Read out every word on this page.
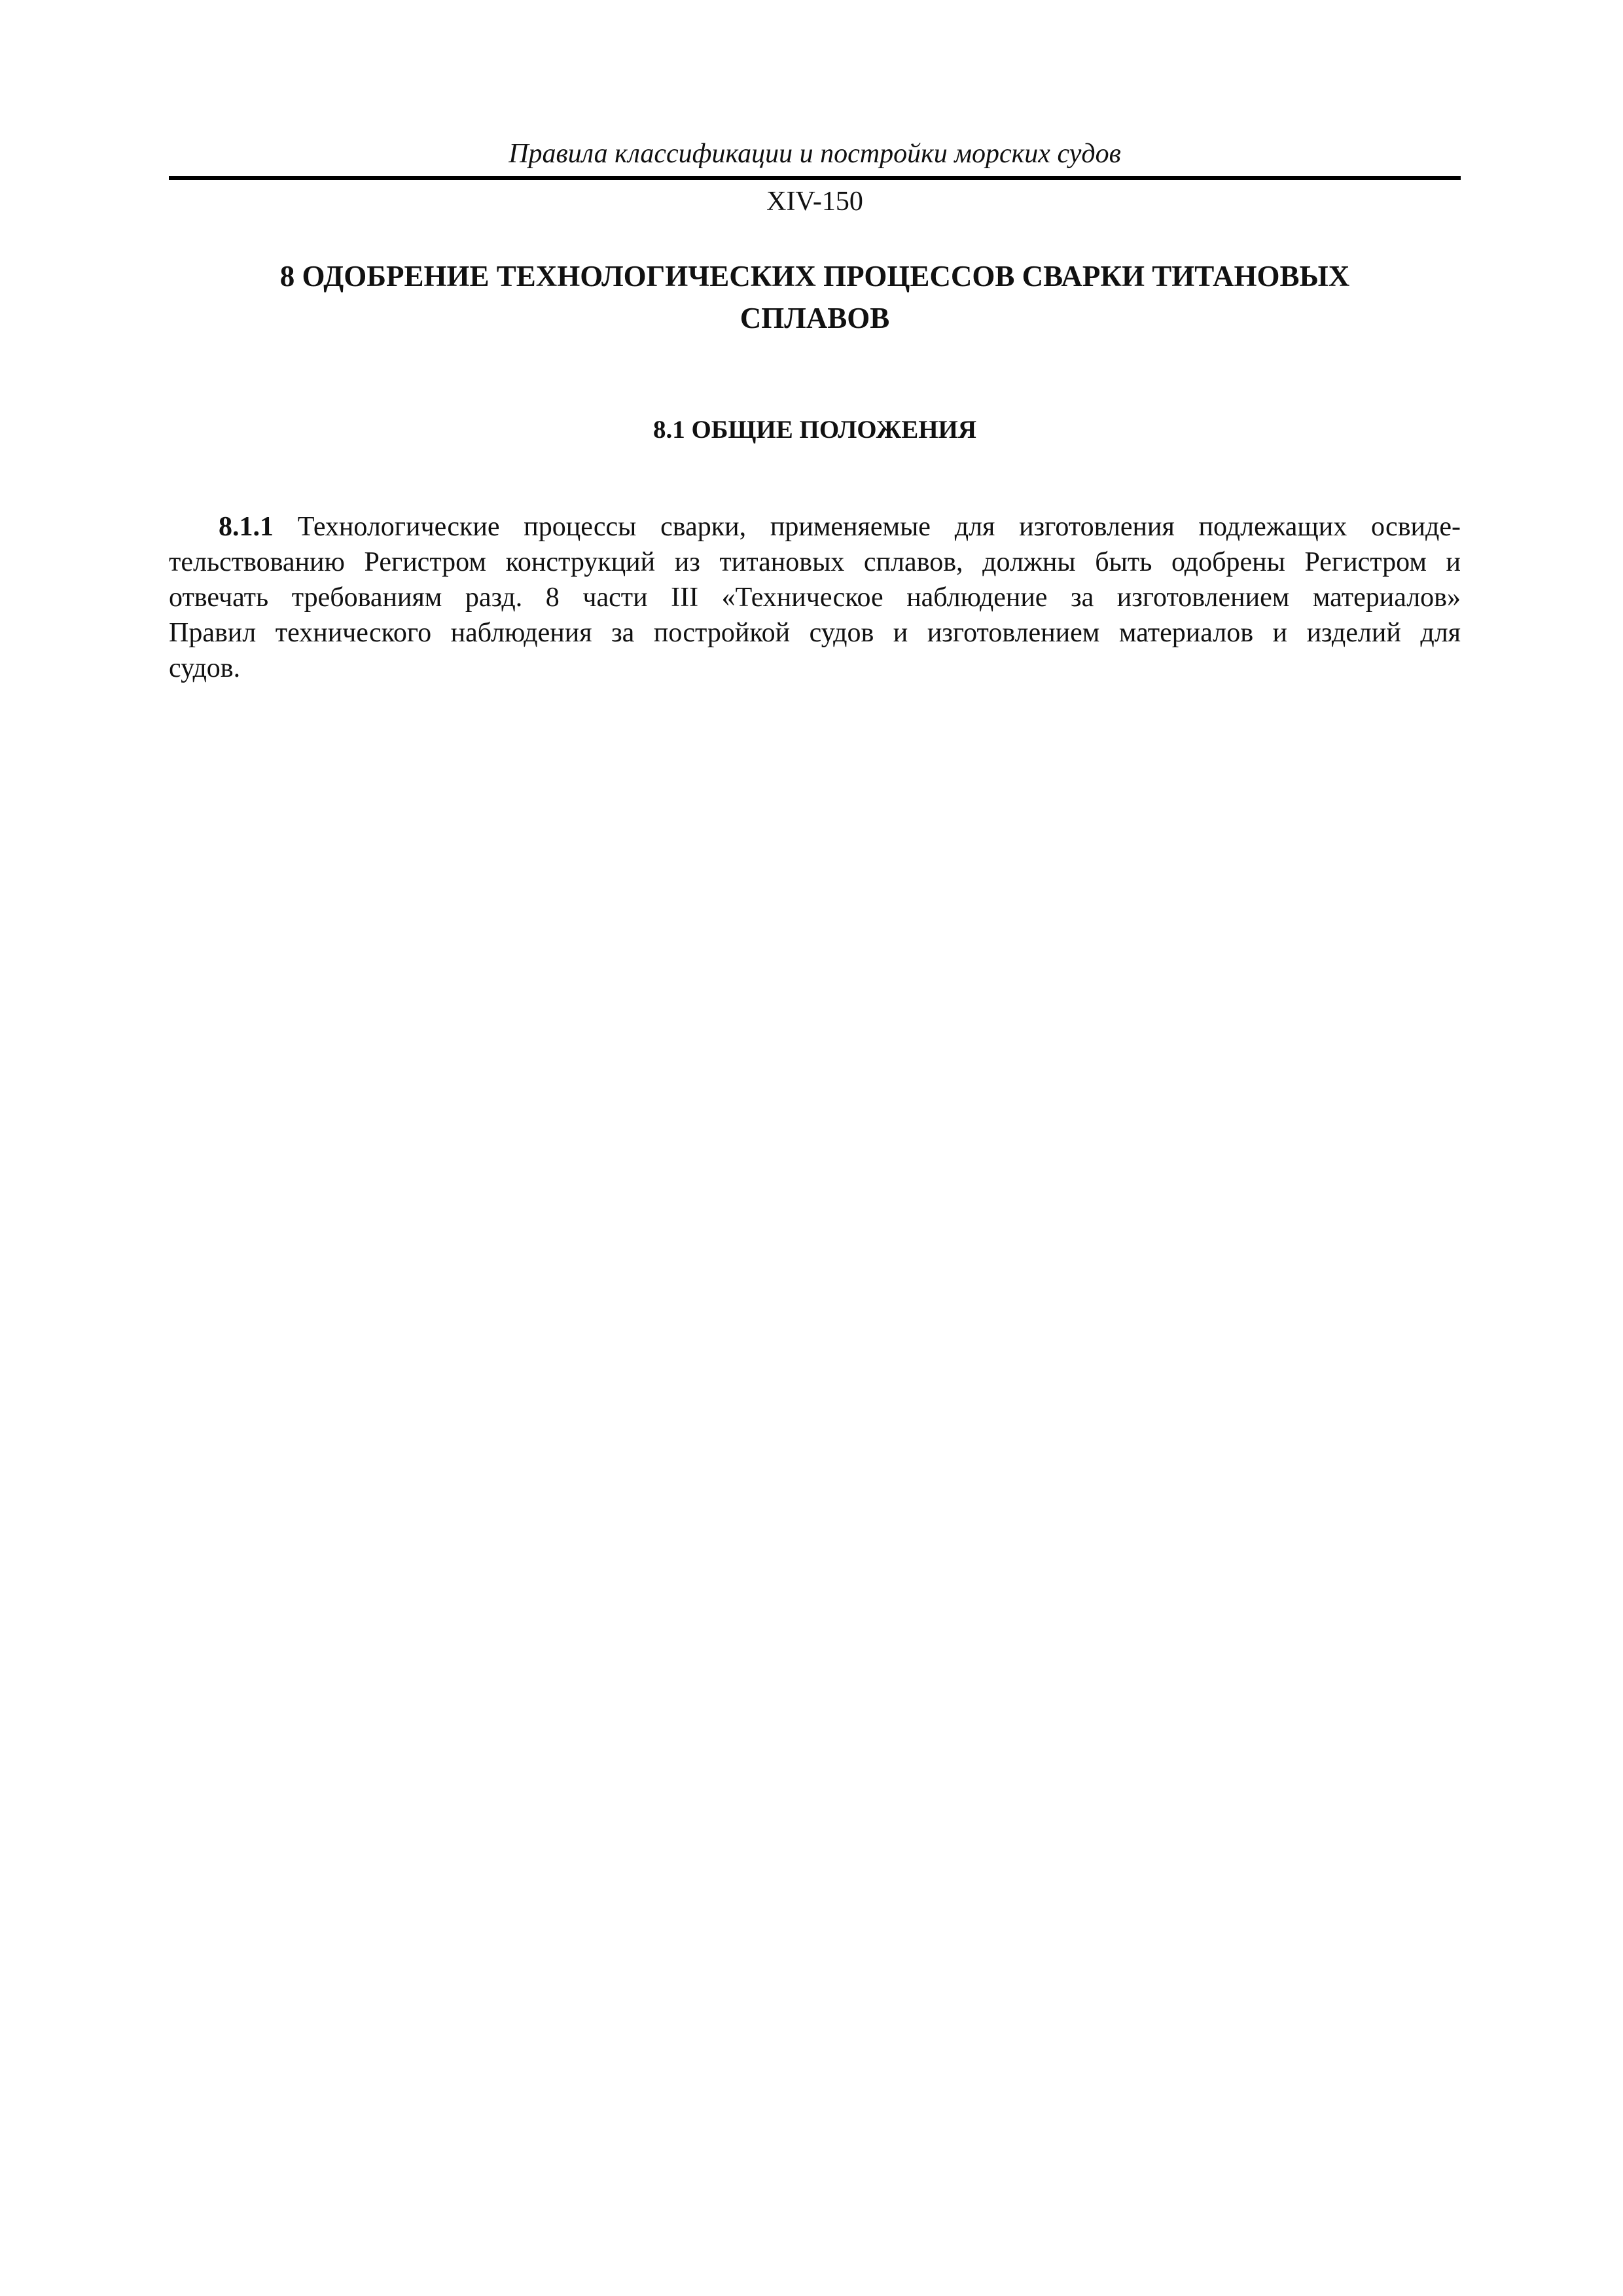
Правила классификации и постройки морских судов
XIV-150
8 ОДОБРЕНИЕ ТЕХНОЛОГИЧЕСКИХ ПРОЦЕССОВ СВАРКИ ТИТАНОВЫХ
СПЛАВОВ
8.1 ОБЩИЕ ПОЛОЖЕНИЯ

8.1.1 Технологические процессы сварки, применяемые для изготовления подлежащих освиде-
тельствованию Регистром конструкций из титановых сплавов, должны быть одобрены Регистром и
отвечать требованиям разд. 8 части III «Техническое наблюдение за изготовлением материалов»
Правил технического наблюдения за постройкой судов и изготовлением материалов и изделий для
судов.
